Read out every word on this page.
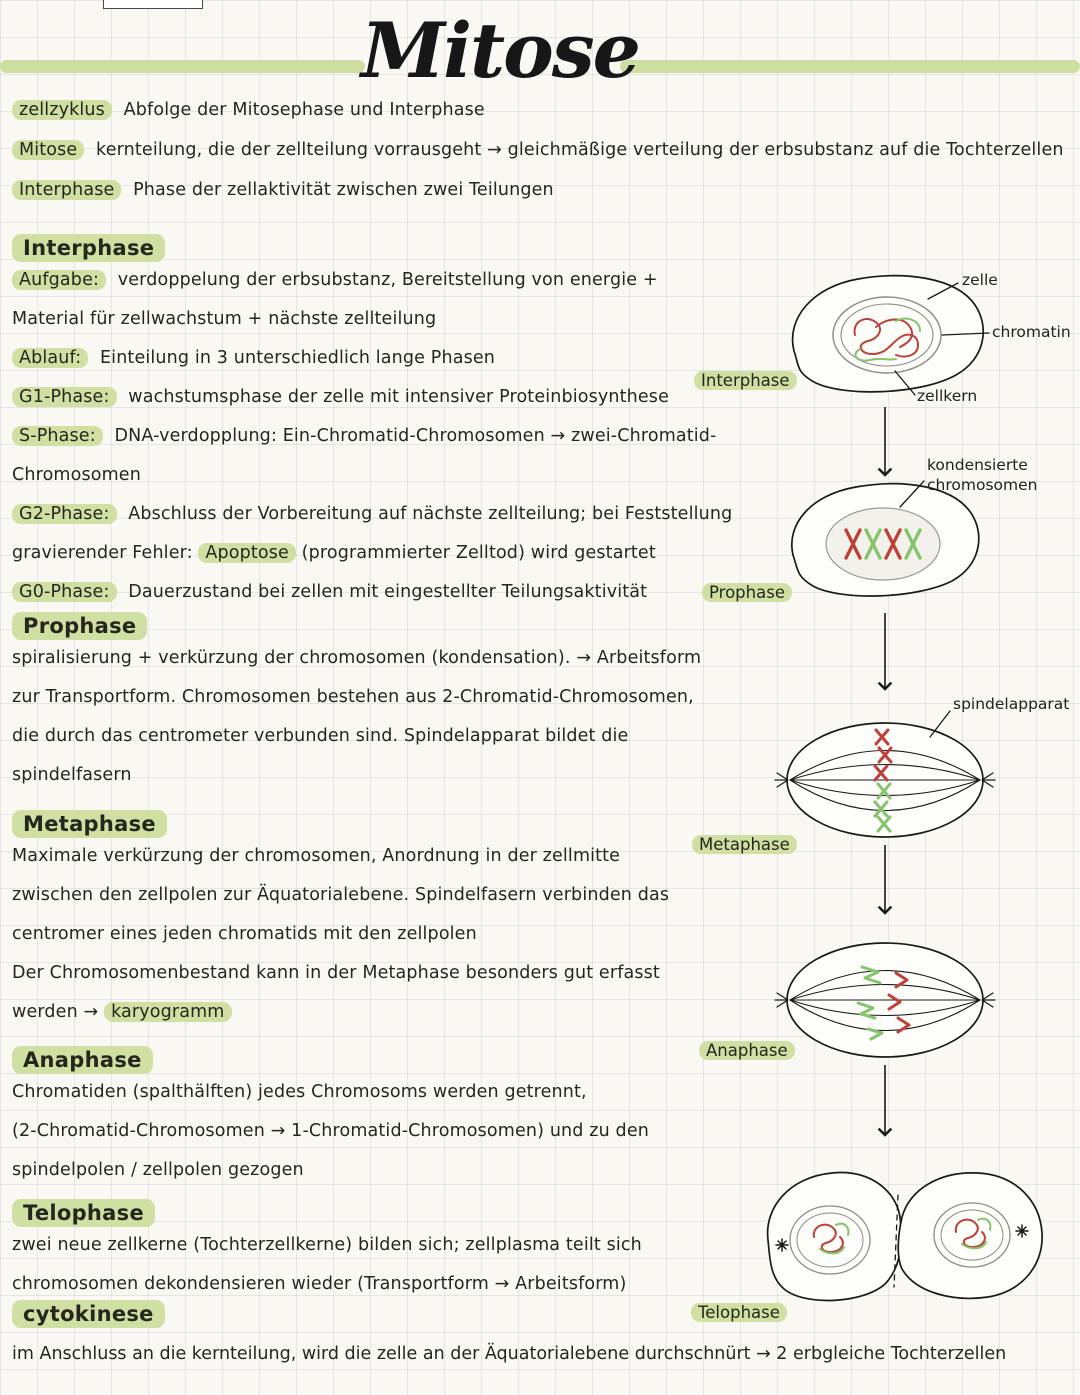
Mitose
zellzyklus Abfolge der Mitosephase und Interphase
Mitose kernteilung, die der zellteilung vorrausgeht → gleichmäßige verteilung der erbsubstanz auf die Tochterzellen
Interphase Phase der zellaktivität zwischen zwei Teilungen
Interphase
Aufgabe: verdoppelung der erbsubstanz, Bereitstellung von energie +
Material für zellwachstum + nächste zellteilung
Ablauf: Einteilung in 3 unterschiedlich lange Phasen
G1-Phase: wachstumsphase der zelle mit intensiver Proteinbiosynthese
S-Phase: DNA-verdopplung: Ein-Chromatid-Chromosomen → zwei-Chromatid-
Chromosomen
G2-Phase: Abschluss der Vorbereitung auf nächste zellteilung; bei Feststellung
gravierender Fehler: Apoptose (programmierter Zelltod) wird gestartet
G0-Phase: Dauerzustand bei zellen mit eingestellter Teilungsaktivität
Prophase
spiralisierung + verkürzung der chromosomen (kondensation). → Arbeitsform
zur Transportform. Chromosomen bestehen aus 2-Chromatid-Chromosomen,
die durch das centrometer verbunden sind. Spindelapparat bildet die
spindelfasern
Metaphase
Maximale verkürzung der chromosomen, Anordnung in der zellmitte
zwischen den zellpolen zur Äquatorialebene. Spindelfasern verbinden das
centromer eines jeden chromatids mit den zellpolen
Der Chromosomenbestand kann in der Metaphase besonders gut erfasst
werden → karyogramm
Anaphase
Chromatiden (spalthälften) jedes Chromosoms werden getrennt,
(2-Chromatid-Chromosomen → 1-Chromatid-Chromosomen) und zu den
spindelpolen / zellpolen gezogen
Telophase
zwei neue zellkerne (Tochterzellkerne) bilden sich; zellplasma teilt sich
chromosomen dekondensieren wieder (Transportform → Arbeitsform)
cytokinese
im Anschluss an die kernteilung, wird die zelle an der Äquatorialebene durchschnürt → 2 erbgleiche Tochterzellen
Interphase
Prophase
Metaphase
Anaphase
Telophase
zelle
chromatin
zellkern
kondensierte
chromosomen
spindelapparat
